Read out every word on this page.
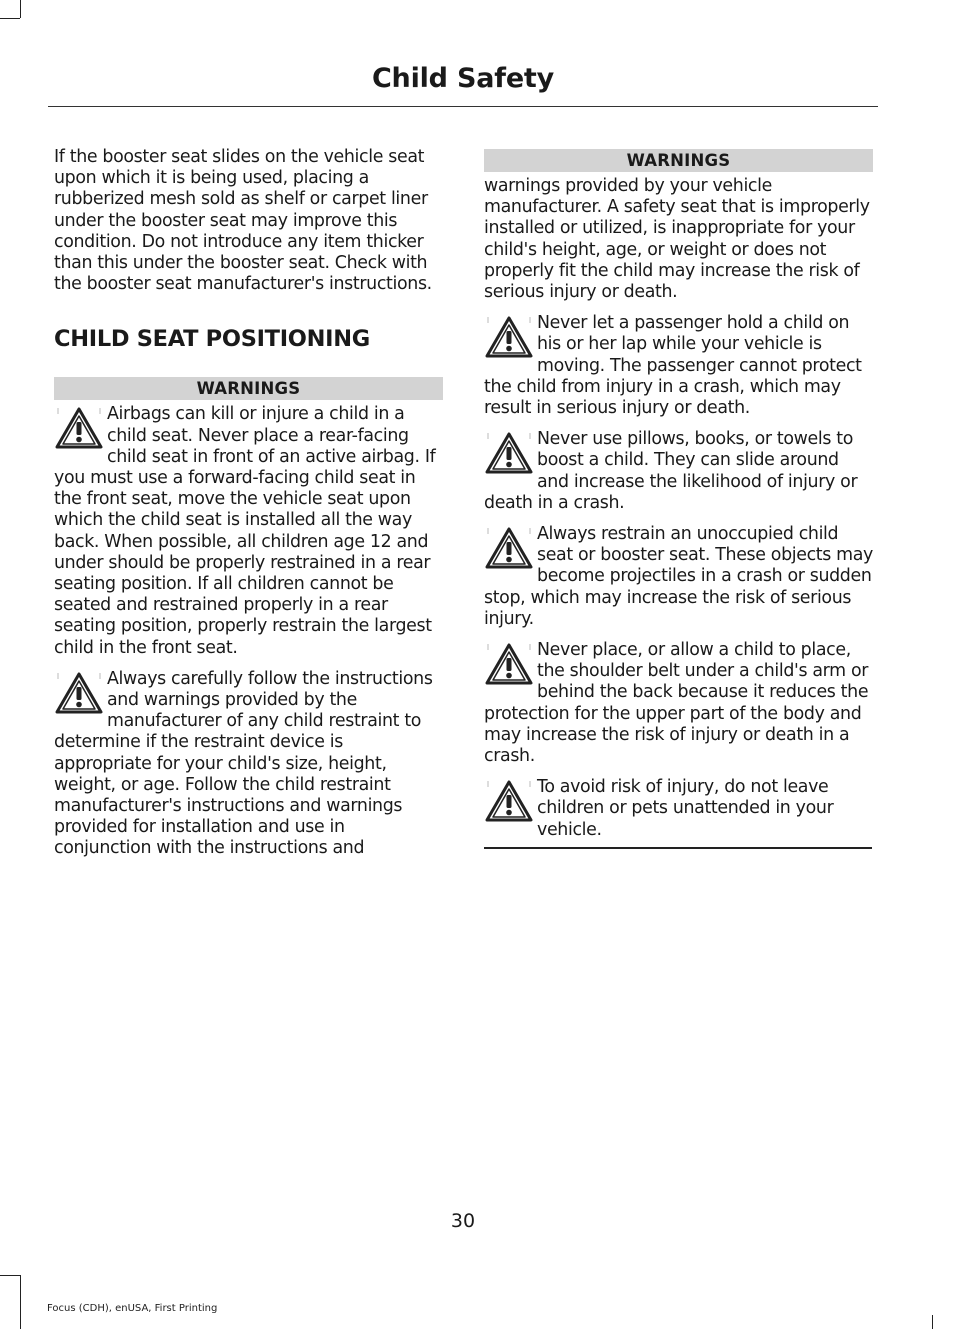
Child Safety

If the booster seat slides on the vehicle seat upon which it is being used, placing a rubberized mesh sold as shelf or carpet liner under the booster seat may improve this condition. Do not introduce any item thicker than this under the booster seat. Check with the booster seat manufacturer's instructions.

CHILD SEAT POSITIONING
WARNINGS
Airbags can kill or injure a child in a child seat. Never place a rear-facing child seat in front of an active airbag. If you must use a forward-facing child seat in the front seat, move the vehicle seat upon which the child seat is installed all the way back. When possible, all children age 12 and under should be properly restrained in a rear seating position. If all children cannot be seated and restrained properly in a rear seating position, properly restrain the largest child in the front seat.
Always carefully follow the instructions and warnings provided by the manufacturer of any child restraint to determine if the restraint device is appropriate for your child's size, height, weight, or age. Follow the child restraint manufacturer's instructions and warnings provided for installation and use in conjunction with the instructions and
WARNINGS

warnings provided by your vehicle manufacturer. A safety seat that is improperly installed or utilized, is inappropriate for your child's height, age, or weight or does not properly fit the child may increase the risk of serious injury or death.

Never let a passenger hold a child on his or her lap while your vehicle is moving. The passenger cannot protect the child from injury in a crash, which may result in serious injury or death.
Never use pillows, books, or towels to boost a child. They can slide around and increase the likelihood of injury or death in a crash.
Always restrain an unoccupied child seat or booster seat. These objects may become projectiles in a crash or sudden stop, which may increase the risk of serious injury.
Never place, or allow a child to place, the shoulder belt under a child's arm or behind the back because it reduces the protection for the upper part of the body and may increase the risk of injury or death in a crash.
To avoid risk of injury, do not leave children or pets unattended in your vehicle.
30
Focus (CDH), enUSA, First Printing
